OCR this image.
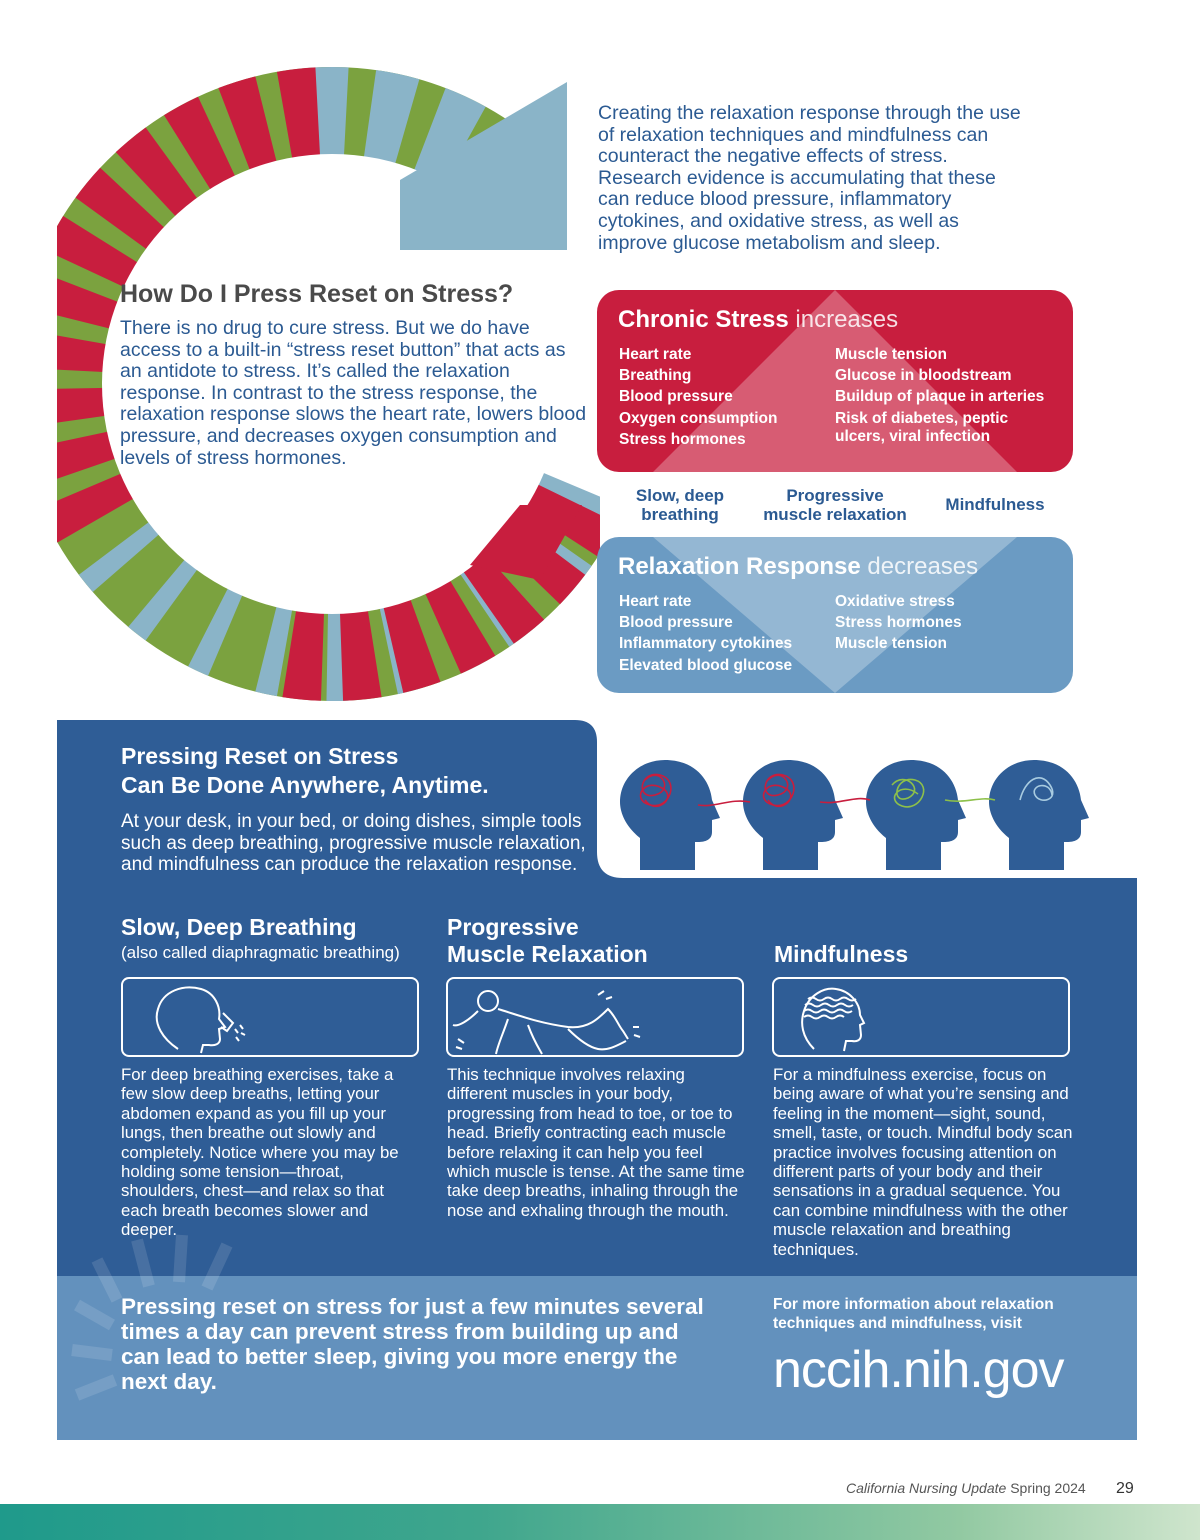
Creating the relaxation response through the use of relaxation techniques and mindfulness can counteract the negative effects of stress. Research evidence is accumulating that these can reduce blood pressure, inflammatory cytokines, and oxidative stress, as well as improve glucose metabolism and sleep.
How Do I Press Reset on Stress?
There is no drug to cure stress. But we do have access to a built-in “stress reset button” that acts as an antidote to stress. It’s called the relaxation response. In contrast to the stress response, the relaxation response slows the heart rate, lowers blood pressure, and decreases oxygen consumption and levels of stress hormones.
Chronic Stress increases
Heart rate
Breathing
Blood pressure
Oxygen consumption
Stress hormones
Muscle tension
Glucose in bloodstream
Buildup of plaque in arteries
Risk of diabetes, peptic
ulcers, viral infection
Slow, deep
breathing
Progressive
muscle relaxation
Mindfulness
Relaxation Response decreases
Heart rate
Blood pressure
Inflammatory cytokines
Elevated blood glucose
Oxidative stress
Stress hormones
Muscle tension
Pressing Reset on Stress
Can Be Done Anywhere, Anytime.
At your desk, in your bed, or doing dishes, simple tools such as deep breathing, progressive muscle relaxation, and mindfulness can produce the relaxation response.
Slow, Deep Breathing
(also called diaphragmatic breathing)
For deep breathing exercises, take a few slow deep breaths, letting your abdomen expand as you fill up your lungs, then breathe out slowly and completely. Notice where you may be holding some tension—throat, shoulders, chest—and relax so that each breath becomes slower and deeper.
Progressive
Muscle Relaxation
This technique involves relaxing different muscles in your body, progressing from head to toe, or toe to head. Briefly contracting each muscle before relaxing it can help you feel which muscle is tense. At the same time take deep breaths, inhaling through the nose and exhaling through the mouth.
Mindfulness
For a mindfulness exercise, focus on being aware of what you’re sensing and feeling in the moment—sight, sound, smell, taste, or touch. Mindful body scan practice involves focusing attention on different parts of your body and their sensations in a gradual sequence. You can combine mindfulness with the other muscle relaxation and breathing techniques.
Pressing reset on stress for just a few minutes several times a day can prevent stress from building up and can lead to better sleep, giving you more energy the next day.
For more information about relaxation techniques and mindfulness, visit
nccih.nih.gov
California Nursing Update Spring 2024 29
